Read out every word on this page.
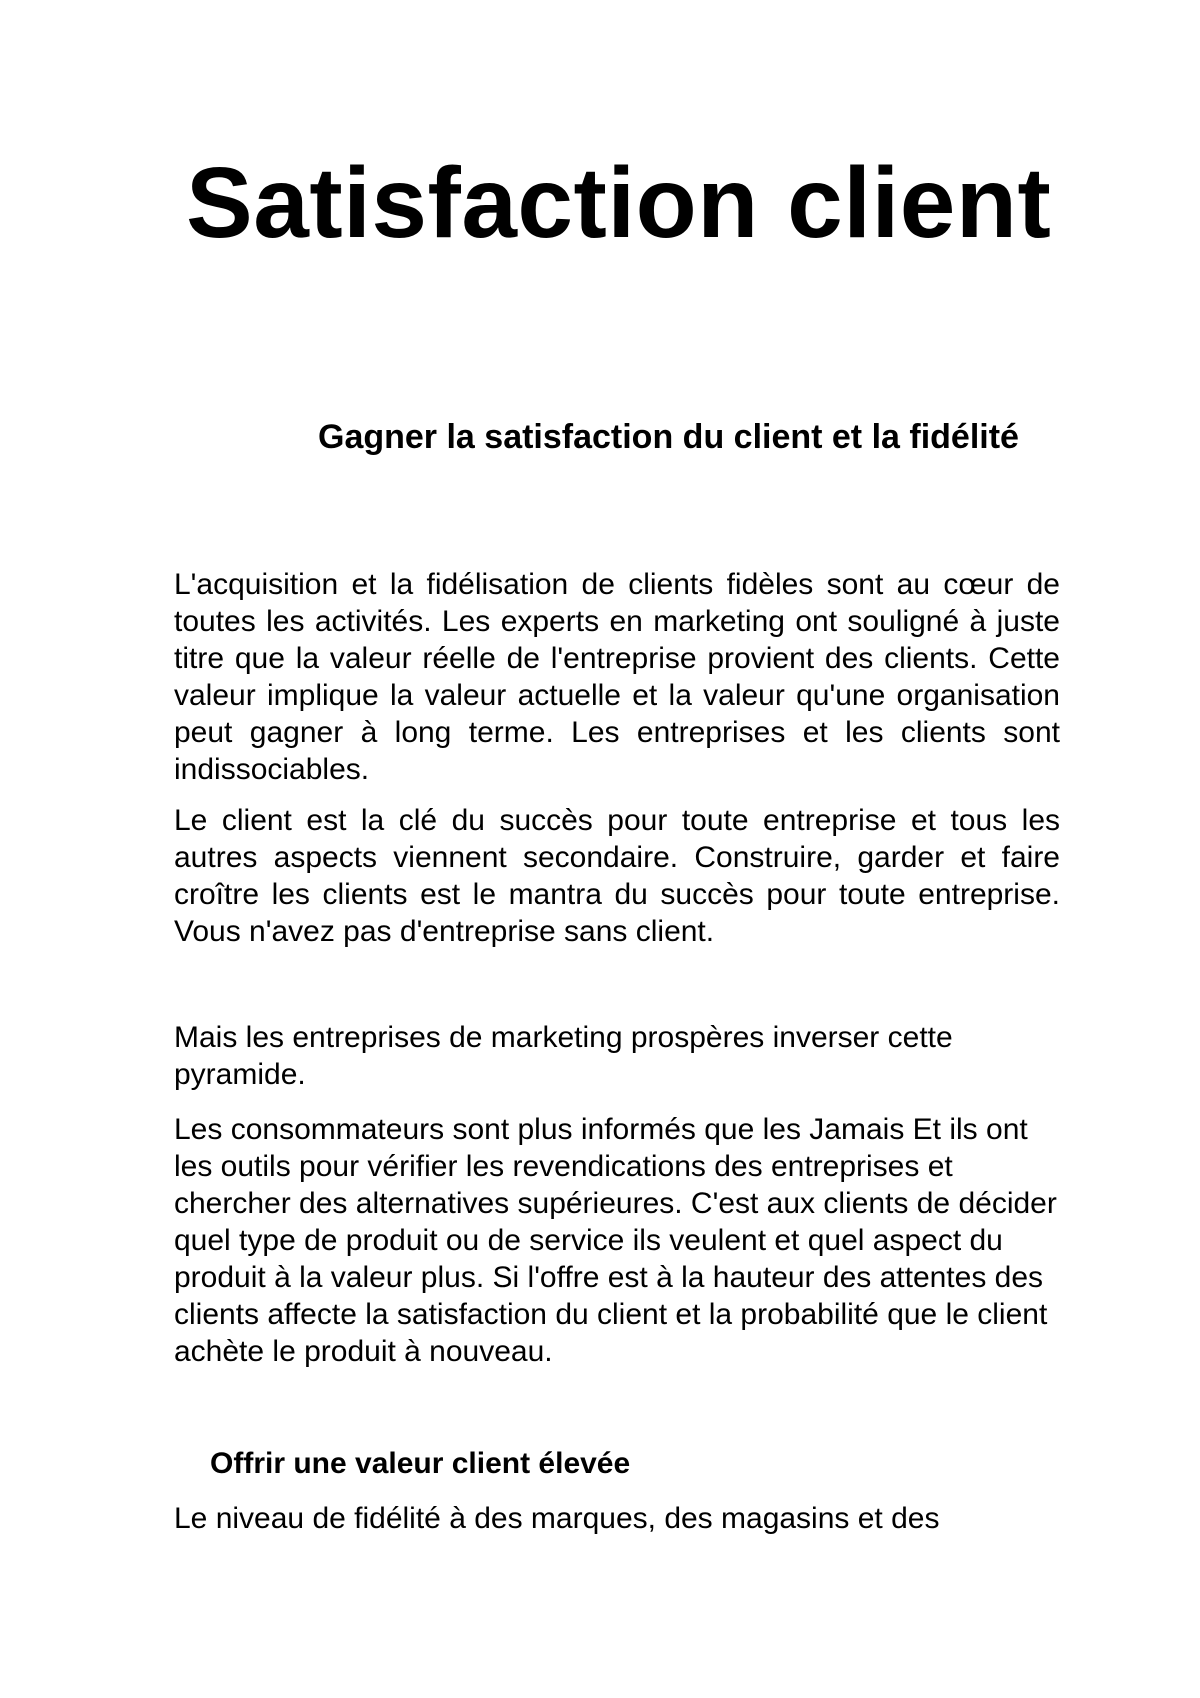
Satisfaction client
Gagner la satisfaction du client et la fidélité

L'acquisition et la fidélisation de clients fidèles sont au cœur de toutes les activités. Les experts en marketing ont souligné à juste titre que la valeur réelle de l'entreprise provient des clients. Cette valeur implique la valeur actuelle et la valeur qu'une organisation peut gagner à long terme. Les entreprises et les clients sont indissociables.

Le client est la clé du succès pour toute entreprise et tous les autres aspects viennent secondaire. Construire, garder et faire croître les clients est le mantra du succès pour toute entreprise. Vous n'avez pas d'entreprise sans client.

Mais les entreprises de marketing prospères inverser cette pyramide.

Les consommateurs sont plus informés que les Jamais Et ils ont les outils pour vérifier les revendications des entreprises et chercher des alternatives supérieures. C'est aux clients de décider quel type de produit ou de service ils veulent et quel aspect du produit à la valeur plus. Si l'offre est à la hauteur des attentes des clients affecte la satisfaction du client et la probabilité que le client achète le produit à nouveau.

Offrir une valeur client élevée

Le niveau de fidélité à des marques, des magasins et des
